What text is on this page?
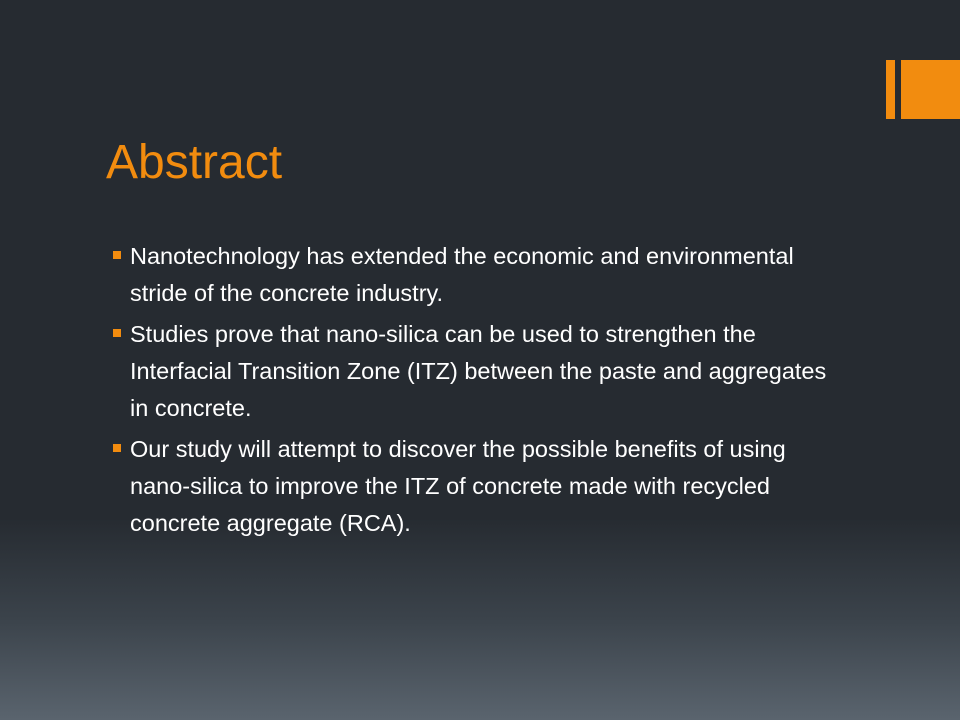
Abstract
Nanotechnology has extended the economic and environmental stride of the concrete industry.
Studies prove that nano-silica can be used to strengthen the Interfacial Transition Zone (ITZ) between the paste and aggregates in concrete.
Our study will attempt to discover the possible benefits of using nano-silica to improve the ITZ of concrete made with recycled concrete aggregate (RCA).
